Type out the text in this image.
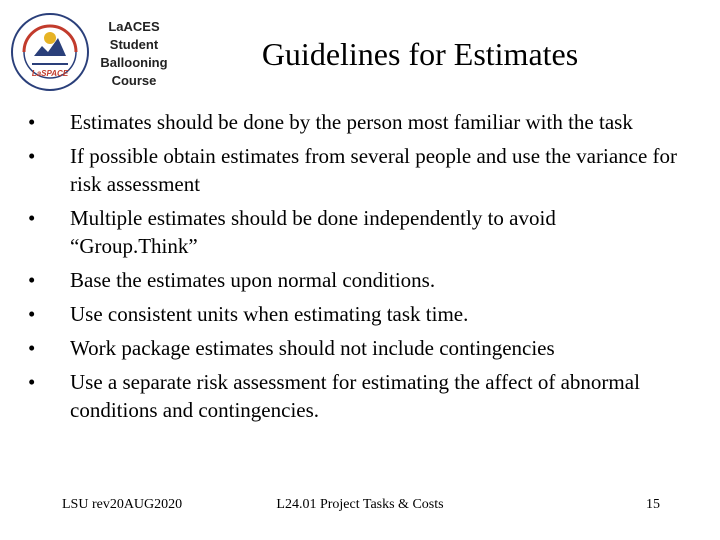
LaSPACE
LaACES
Student
Ballooning
Course
Guidelines for Estimates
• Estimates should be done by the person most familiar with the task
• If possible obtain estimates from several people and use the variance for risk assessment
• Multiple estimates should be done independently to avoid “Group.Think”
• Base the estimates upon normal conditions.
• Use consistent units when estimating task time.
• Work package estimates should not include contingencies
• Use a separate risk assessment for estimating the affect of abnormal conditions and contingencies.
LSU rev20AUG2020	L24.01 Project Tasks & Costs	15
